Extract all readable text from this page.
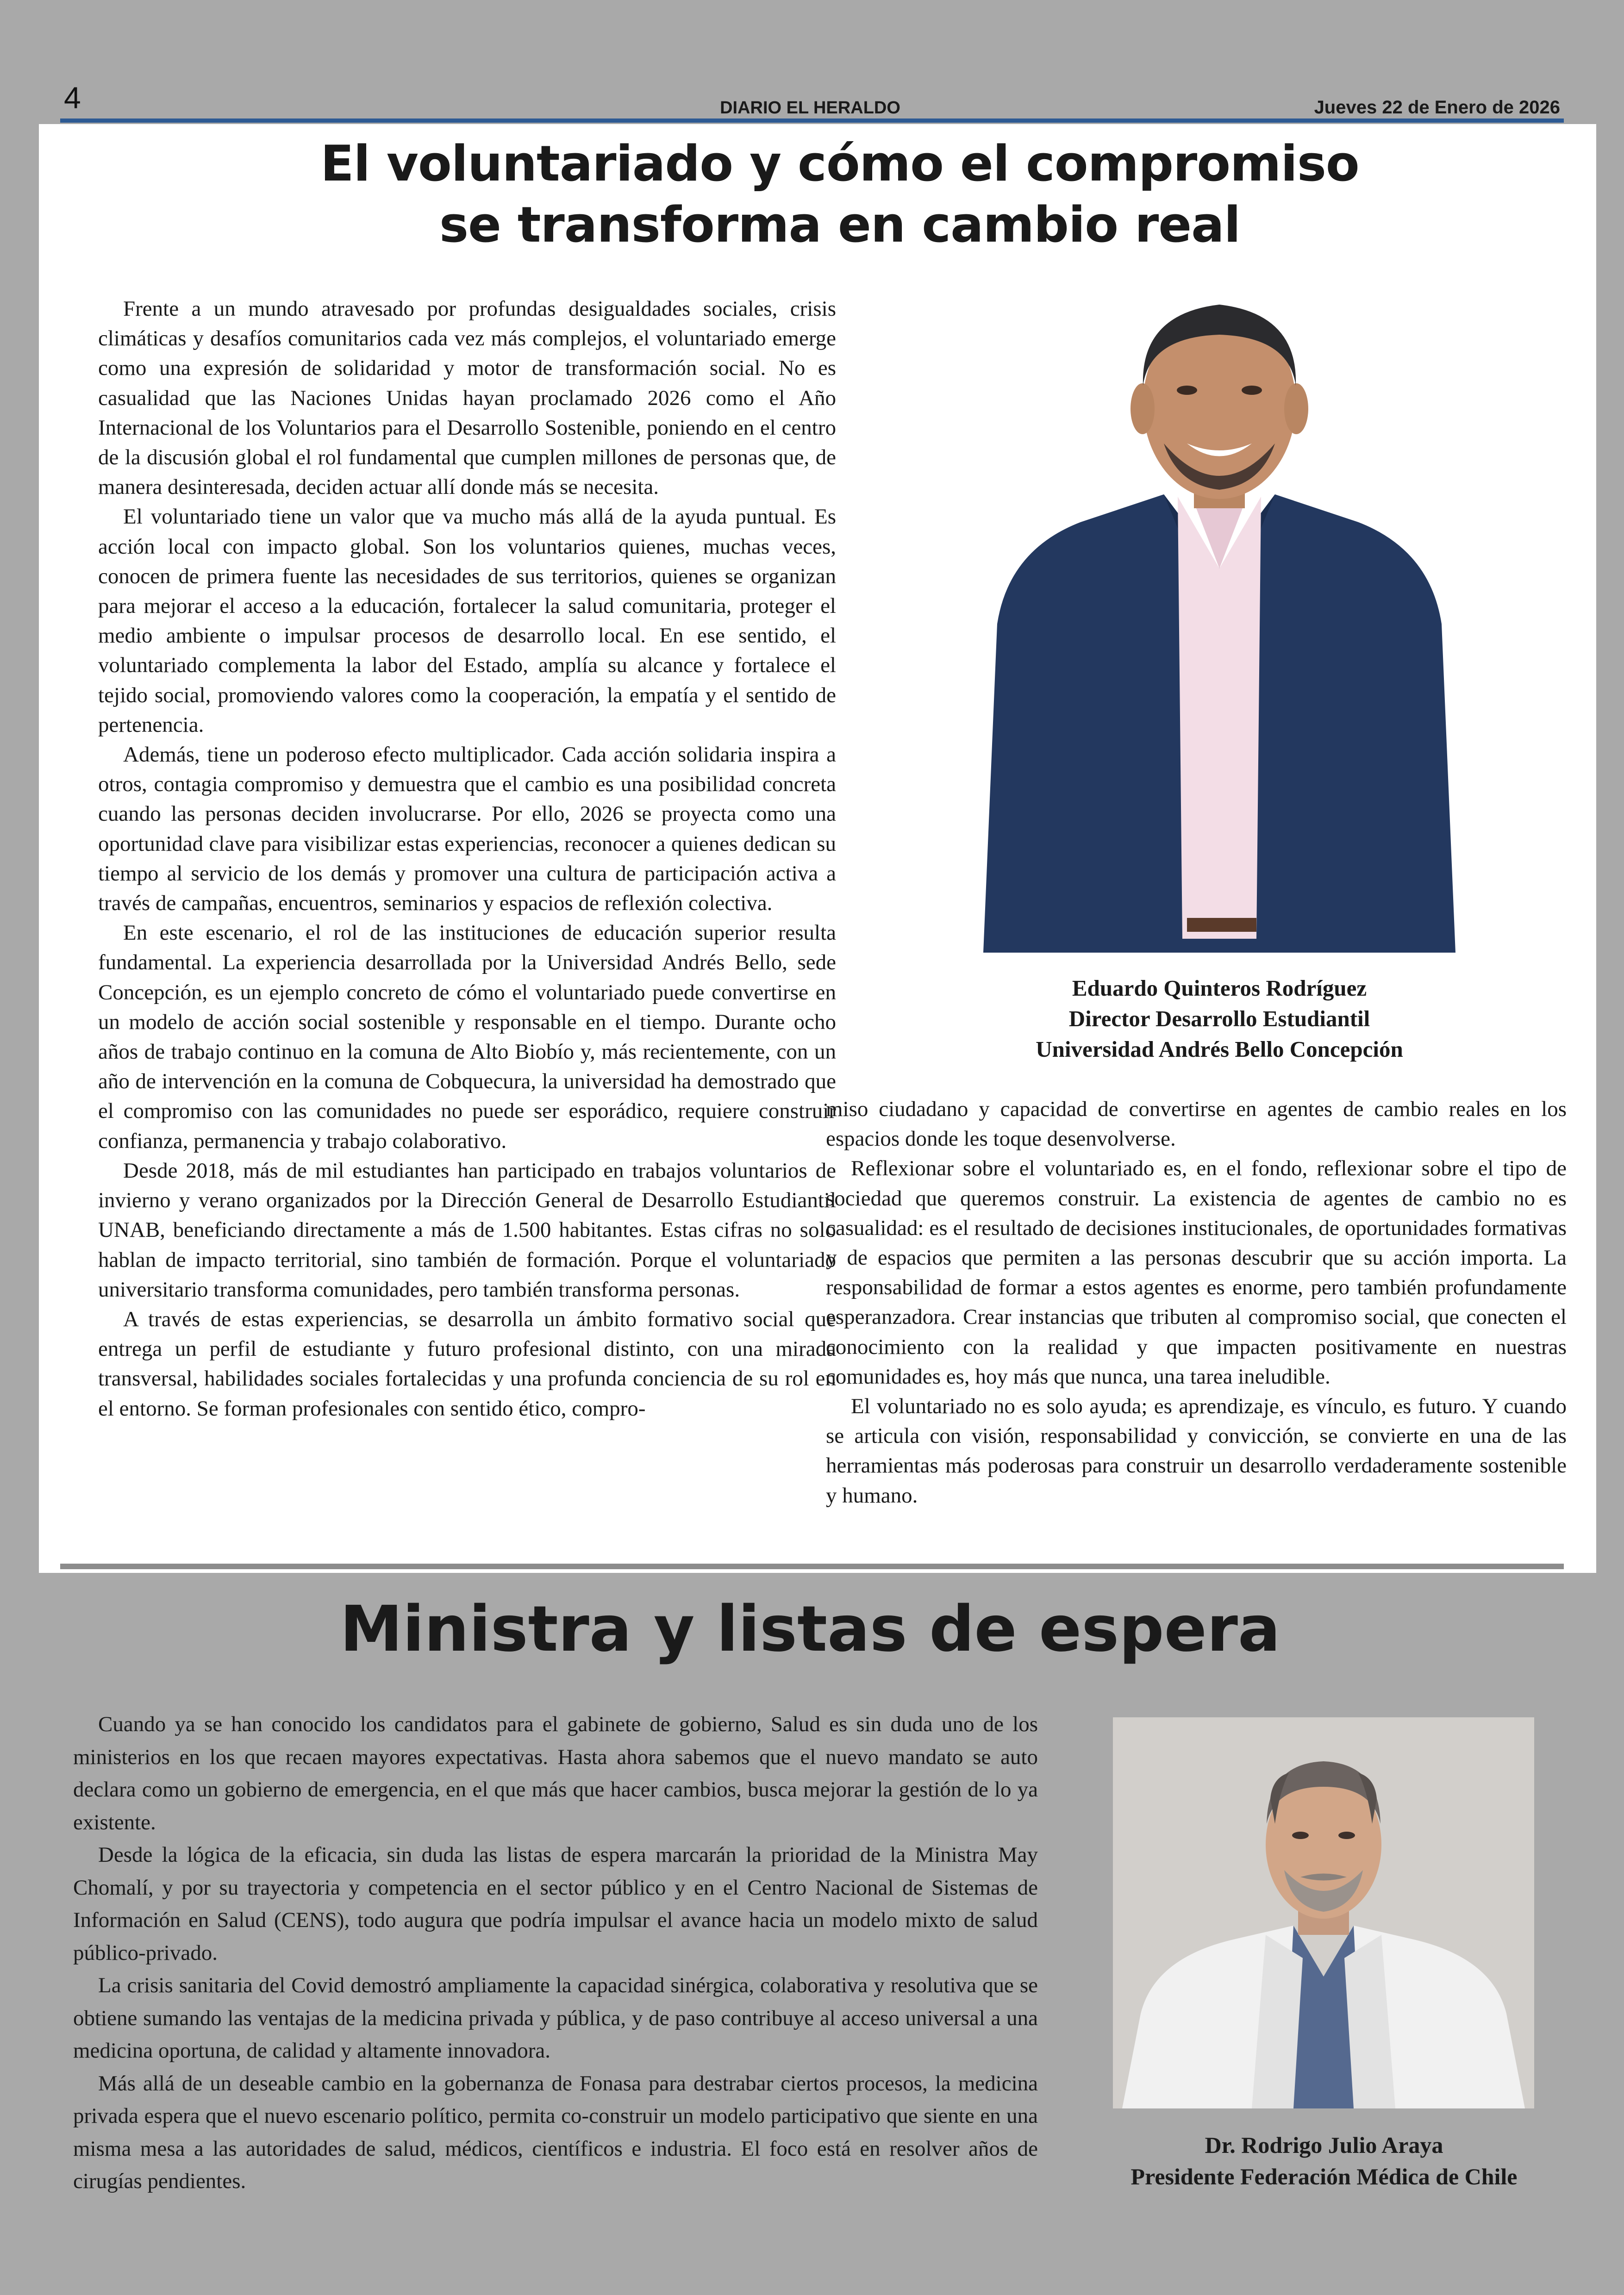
4	DIARIO EL HERALDO	Jueves 22 de Enero de 2026
El voluntariado y cómo el compromiso
se transforma en cambio real

Frente a un mundo atravesado por profundas desigualdades sociales, crisis climáticas y desafíos comunitarios cada vez más complejos, el voluntariado emerge como una expresión de solidaridad y motor de transformación social. No es casualidad que las Naciones Unidas hayan proclamado 2026 como el Año Internacional de los Voluntarios para el Desarrollo Sostenible, poniendo en el centro de la discusión global el rol fundamental que cumplen millones de personas que, de manera desinteresada, deciden actuar allí donde más se necesita.

El voluntariado tiene un valor que va mucho más allá de la ayuda puntual. Es acción local con impacto global. Son los voluntarios quienes, muchas veces, conocen de primera fuente las necesidades de sus territorios, quienes se organizan para mejorar el acceso a la educación, fortalecer la salud comunitaria, proteger el medio ambiente o impulsar procesos de desarrollo local. En ese sentido, el voluntariado complementa la labor del Estado, amplía su alcance y fortalece el tejido social, promoviendo valores como la cooperación, la empatía y el sentido de pertenencia.

Además, tiene un poderoso efecto multiplicador. Cada acción solidaria inspira a otros, contagia compromiso y demuestra que el cambio es una posibilidad concreta cuando las personas deciden involucrarse. Por ello, 2026 se proyecta como una oportunidad clave para visibilizar estas experiencias, reconocer a quienes dedican su tiempo al servicio de los demás y promover una cultura de participación activa a través de campañas, encuentros, seminarios y espacios de reflexión colectiva.

En este escenario, el rol de las instituciones de educación superior resulta fundamental. La experiencia desarrollada por la Universidad Andrés Bello, sede Concepción, es un ejemplo concreto de cómo el voluntariado puede convertirse en un modelo de acción social sostenible y responsable en el tiempo. Durante ocho años de trabajo continuo en la comuna de Alto Biobío y, más recientemente, con un año de intervención en la comuna de Cobquecura, la universidad ha demostrado que el compromiso con las comunidades no puede ser esporádico, requiere construir confianza, permanencia y trabajo colaborativo.

Desde 2018, más de mil estudiantes han participado en trabajos voluntarios de invierno y verano organizados por la Dirección General de Desarrollo Estudiantil UNAB, beneficiando directamente a más de 1.500 habitantes. Estas cifras no solo hablan de impacto territorial, sino también de formación. Porque el voluntariado universitario transforma comunidades, pero también transforma personas.

A través de estas experiencias, se desarrolla un ámbito formativo social que entrega un perfil de estudiante y futuro profesional distinto, con una mirada transversal, habilidades sociales fortalecidas y una profunda conciencia de su rol en el entorno. Se forman profesionales con sentido ético, compro-

Eduardo Quinteros Rodríguez
Director Desarrollo Estudiantil
Universidad Andrés Bello Concepción

miso ciudadano y capacidad de convertirse en agentes de cambio reales en los espacios donde les toque desenvolverse.

Reflexionar sobre el voluntariado es, en el fondo, reflexionar sobre el tipo de sociedad que queremos construir. La existencia de agentes de cambio no es casualidad: es el resultado de decisiones institucionales, de oportunidades formativas y de espacios que permiten a las personas descubrir que su acción importa. La responsabilidad de formar a estos agentes es enorme, pero también profundamente esperanzadora. Crear instancias que tributen al compromiso social, que conecten el conocimiento con la realidad y que impacten positivamente en nuestras comunidades es, hoy más que nunca, una tarea ineludible.

El voluntariado no es solo ayuda; es aprendizaje, es vínculo, es futuro. Y cuando se articula con visión, responsabilidad y convicción, se convierte en una de las herramientas más poderosas para construir un desarrollo verdaderamente sostenible y humano.

Ministra y listas de espera

Cuando ya se han conocido los candidatos para el gabinete de gobierno, Salud es sin duda uno de los ministerios en los que recaen mayores expectativas. Hasta ahora sabemos que el nuevo mandato se auto declara como un gobierno de emergencia, en el que más que hacer cambios, busca mejorar la gestión de lo ya existente.

Desde la lógica de la eficacia, sin duda las listas de espera marcarán la prioridad de la Ministra May Chomalí, y por su trayectoria y competencia en el sector público y en el Centro Nacional de Sistemas de Información en Salud (CENS), todo augura que podría impulsar el avance hacia un modelo mixto de salud público-privado.

La crisis sanitaria del Covid demostró ampliamente la capacidad sinérgica, colaborativa y resolutiva que se obtiene sumando las ventajas de la medicina privada y pública, y de paso contribuye al acceso universal a una medicina oportuna, de calidad y altamente innovadora.

Más allá de un deseable cambio en la gobernanza de Fonasa para destrabar ciertos procesos, la medicina privada espera que el nuevo escenario político, permita co-construir un modelo participativo que siente en una misma mesa a las autoridades de salud, médicos, científicos e industria. El foco está en resolver años de cirugías pendientes.

Dr. Rodrigo Julio Araya
Presidente Federación Médica de Chile
